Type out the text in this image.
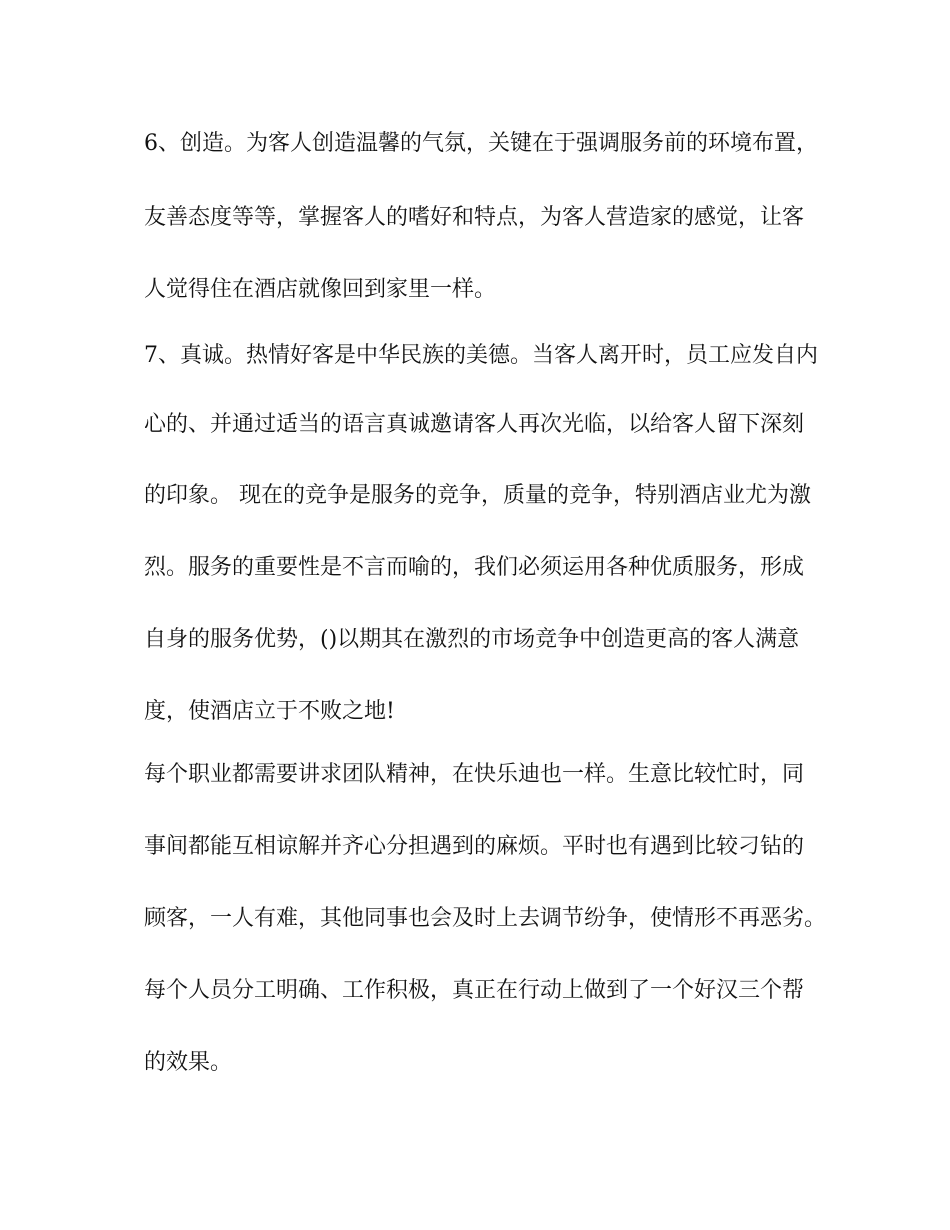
6、创造。为客人创造温馨的气氛，关键在于强调服务前的环境布置，
友善态度等等，掌握客人的嗜好和特点，为客人营造家的感觉，让客
人觉得住在酒店就像回到家里一样。
7、真诚。热情好客是中华民族的美德。当客人离开时，员工应发自内
心的、并通过适当的语言真诚邀请客人再次光临，以给客人留下深刻
的印象。 现在的竞争是服务的竞争，质量的竞争，特别酒店业尤为激
烈。服务的重要性是不言而喻的，我们必须运用各种优质服务，形成
自身的服务优势，()以期其在激烈的市场竞争中创造更高的客人满意
度，使酒店立于不败之地!
每个职业都需要讲求团队精神，在快乐迪也一样。生意比较忙时，同
事间都能互相谅解并齐心分担遇到的麻烦。平时也有遇到比较刁钻的
顾客，一人有难，其他同事也会及时上去调节纷争，使情形不再恶劣。
每个人员分工明确、工作积极，真正在行动上做到了一个好汉三个帮
的效果。
